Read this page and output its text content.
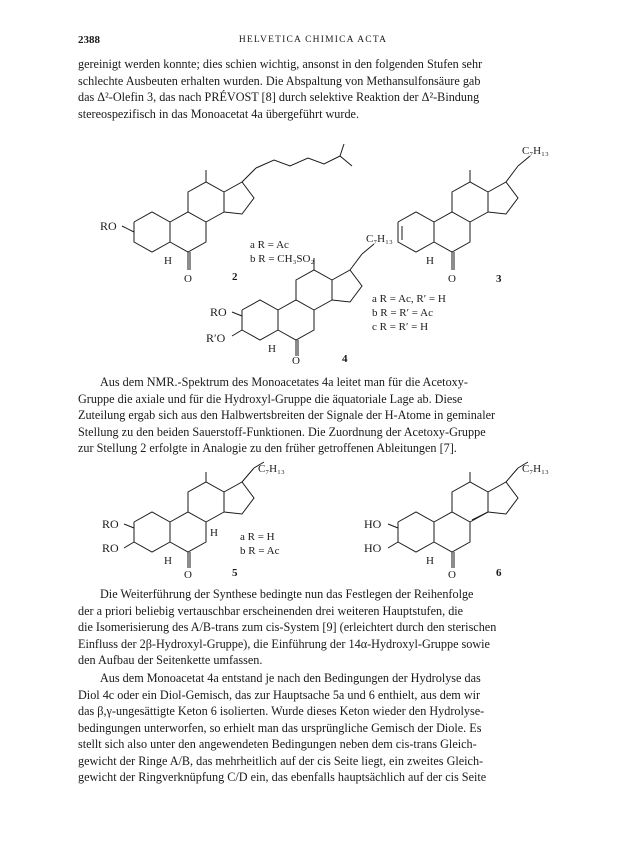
2388	HELVETICA CHIMICA ACTA
gereinigt werden konnte; dies schien wichtig, ansonst in den folgenden Stufen sehr
schlechte Ausbeuten erhalten wurden. Die Abspaltung von Methansulfonsäure gab
das Δ²-Olefin 3, das nach PRÉVOST [8] durch selektive Reaktion der Δ²-Bindung
stereospezifisch in das Monoacetat 4a übergeführt wurde.
RO
H
O	2
a R = Ac
b R = CH₃SO₂
C₇H₁₃
H
O	3
C₇H₁₃
RO
R′O
H
O	4
a R = Ac, R′ = H
b R = R′ = Ac
c R = R′ = H
Aus dem NMR.-Spektrum des Monoacetates 4a leitet man für die Acetoxy-
Gruppe die axiale und für die Hydroxyl-Gruppe die äquatoriale Lage ab. Diese
Zuteilung ergab sich aus den Halbwertsbreiten der Signale der H-Atome in geminaler
Stellung zu den beiden Sauerstoff-Funktionen. Die Zuordnung der Acetoxy-Gruppe
zur Stellung 2 erfolgte in Analogie zu den früher getroffenen Ableitungen [7].
C₇H₁₃
RO
RO
H
H
O	5
a R = H
b R = Ac
C₇H₁₃
HO
HO
H
O	6
Die Weiterführung der Synthese bedingte nun das Festlegen der Reihenfolge
der a priori beliebig vertauschbar erscheinenden drei weiteren Hauptstufen, die
die Isomerisierung des A/B-trans zum cis-System [9] (erleichtert durch den sterischen
Einfluss der 2β-Hydroxyl-Gruppe), die Einführung der 14α-Hydroxyl-Gruppe sowie
den Aufbau der Seitenkette umfassen.
Aus dem Monoacetat 4a entstand je nach den Bedingungen der Hydrolyse das
Diol 4c oder ein Diol-Gemisch, das zur Hauptsache 5a und 6 enthielt, aus dem wir
das β,γ-ungesättigte Keton 6 isolierten. Wurde dieses Keton wieder den Hydrolyse-
bedingungen unterworfen, so erhielt man das ursprüngliche Gemisch der Diole. Es
stellt sich also unter den angewendeten Bedingungen neben dem cis-trans Gleich-
gewicht der Ringe A/B, das mehrheitlich auf der cis Seite liegt, ein zweites Gleich-
gewicht der Ringverknüpfung C/D ein, das ebenfalls hauptsächlich auf der cis Seite
